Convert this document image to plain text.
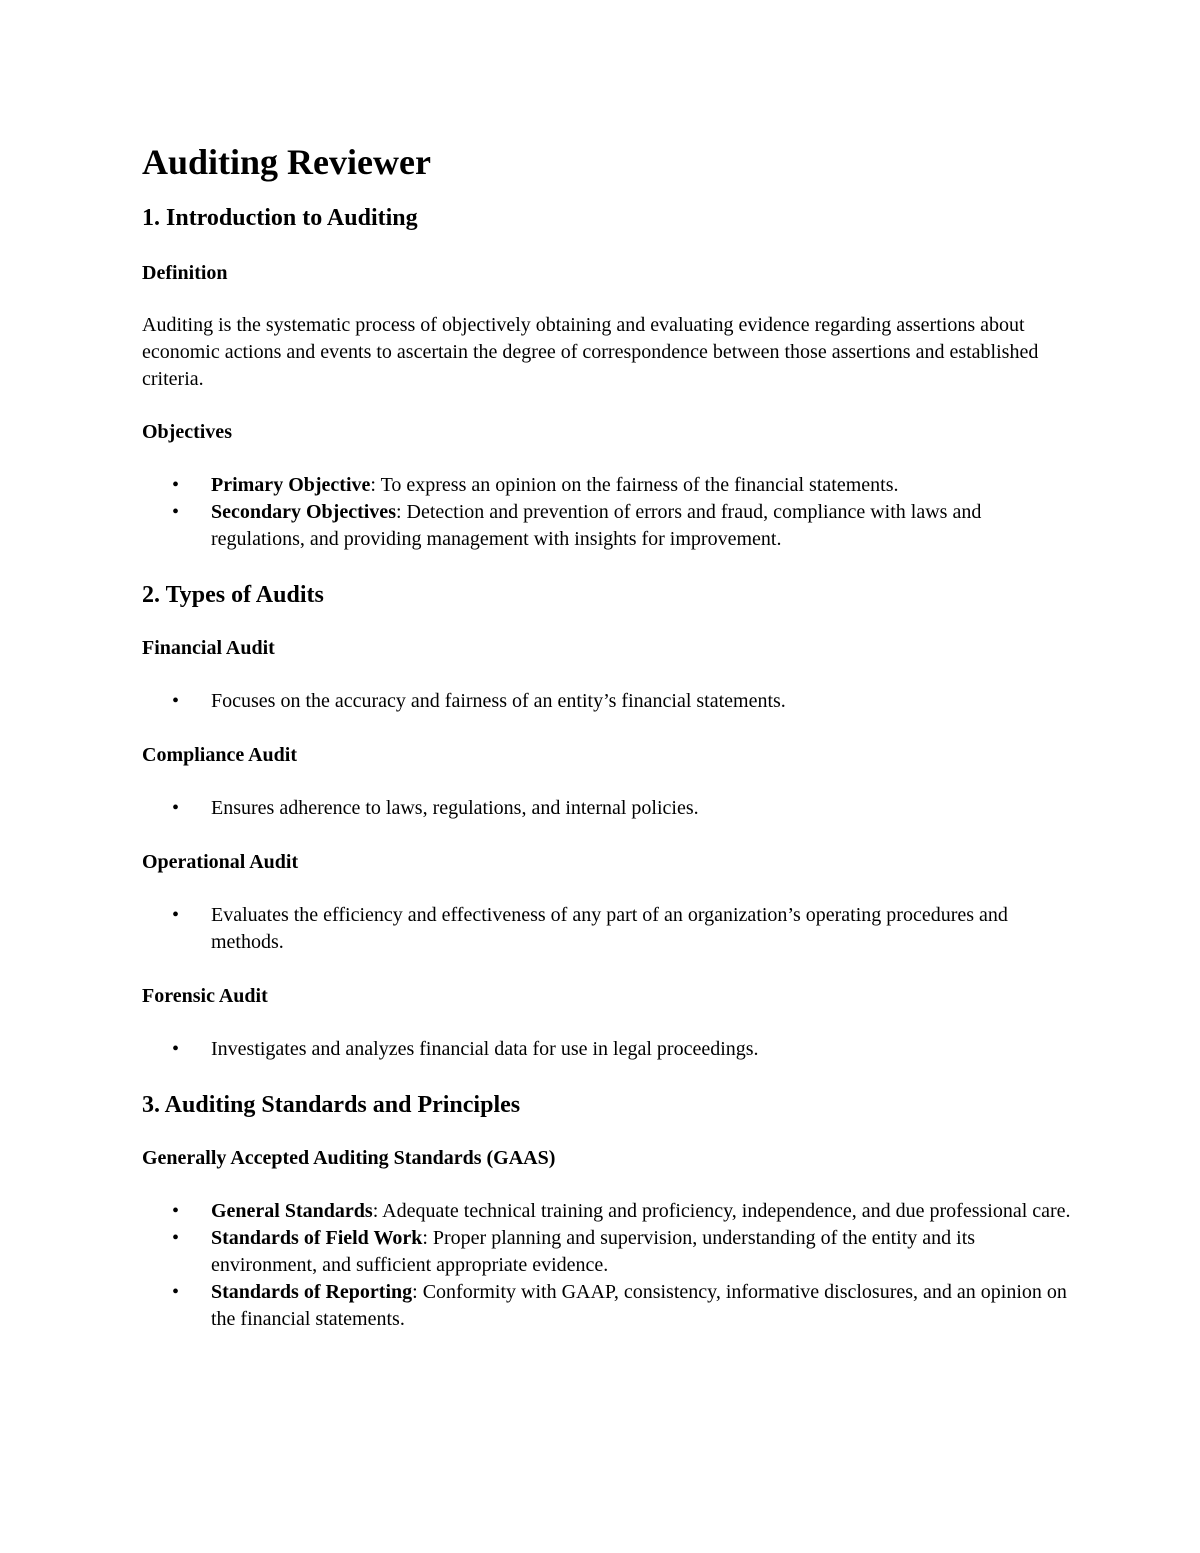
Auditing Reviewer
1. Introduction to Auditing
Definition

Auditing is the systematic process of objectively obtaining and evaluating evidence regarding assertions about economic actions and events to ascertain the degree of correspondence between those assertions and established criteria.

Objectives
• Primary Objective: To express an opinion on the fairness of the financial statements.
• Secondary Objectives: Detection and prevention of errors and fraud, compliance with laws and regulations, and providing management with insights for improvement.
2. Types of Audits
Financial Audit
• Focuses on the accuracy and fairness of an entity’s financial statements.
Compliance Audit
• Ensures adherence to laws, regulations, and internal policies.
Operational Audit
• Evaluates the efficiency and effectiveness of any part of an organization’s operating procedures and methods.
Forensic Audit
• Investigates and analyzes financial data for use in legal proceedings.
3. Auditing Standards and Principles
Generally Accepted Auditing Standards (GAAS)
• General Standards: Adequate technical training and proficiency, independence, and due professional care.
• Standards of Field Work: Proper planning and supervision, understanding of the entity and its environment, and sufficient appropriate evidence.
• Standards of Reporting: Conformity with GAAP, consistency, informative disclosures, and an opinion on the financial statements.
